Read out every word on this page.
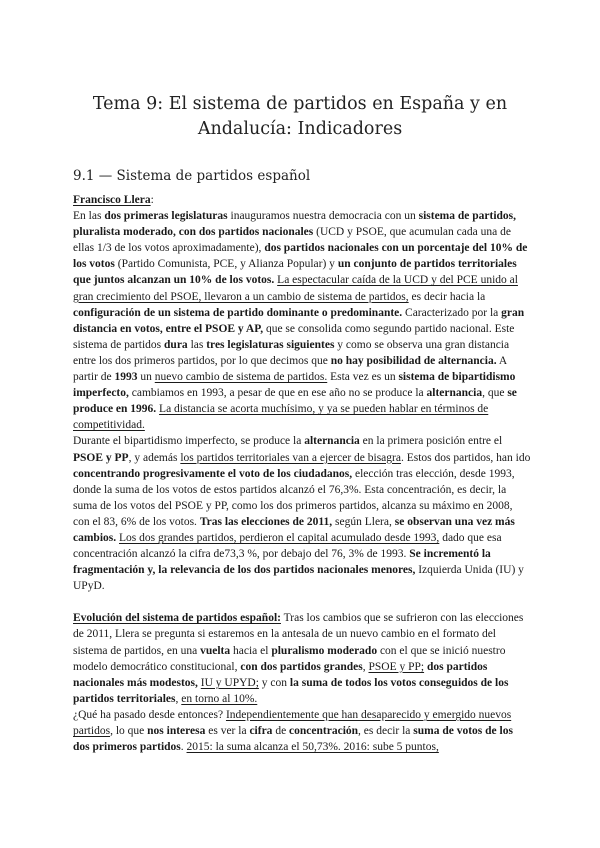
Tema 9: El sistema de partidos en España y en Andalucía: Indicadores
9.1 — Sistema de partidos español

Francisco Llera:

En las dos primeras legislaturas inauguramos nuestra democracia con un sistema de partidos, pluralista moderado, con dos partidos nacionales (UCD y PSOE, que acumulan cada una de ellas 1/3 de los votos aproximadamente), dos partidos nacionales con un porcentaje del 10% de los votos (Partido Comunista, PCE, y Alianza Popular) y un conjunto de partidos territoriales que juntos alcanzan un 10% de los votos. La espectacular caída de la UCD y del PCE unido al gran crecimiento del PSOE, llevaron a un cambio de sistema de partidos, es decir hacia la configuración de un sistema de partido dominante o predominante. Caracterizado por la gran distancia en votos, entre el PSOE y AP, que se consolida como segundo partido nacional. Este sistema de partidos dura las tres legislaturas siguientes y como se observa una gran distancia entre los dos primeros partidos, por lo que decimos que no hay posibilidad de alternancia. A partir de 1993 un nuevo cambio de sistema de partidos. Esta vez es un sistema de bipartidismo imperfecto, cambiamos en 1993, a pesar de que en ese año no se produce la alternancia, que se produce en 1996. La distancia se acorta muchísimo, y ya se pueden hablar en términos de competitividad.

Durante el bipartidismo imperfecto, se produce la alternancia en la primera posición entre el PSOE y PP, y además los partidos territoriales van a ejercer de bisagra. Estos dos partidos, han ido concentrando progresivamente el voto de los ciudadanos, elección tras elección, desde 1993, donde la suma de los votos de estos partidos alcanzó el 76,3%. Esta concentración, es decir, la suma de los votos del PSOE y PP, como los dos primeros partidos, alcanza su máximo en 2008, con el 83, 6% de los votos. Tras las elecciones de 2011, según Llera, se observan una vez más cambios. Los dos grandes partidos, perdieron el capital acumulado desde 1993, dado que esa concentración alcanzó la cifra de73,3 %, por debajo del 76, 3% de 1993. Se incrementó la fragmentación y, la relevancia de los dos partidos nacionales menores, Izquierda Unida (IU) y UPyD.

Evolución del sistema de partidos español: Tras los cambios que se sufrieron con las elecciones de 2011, Llera se pregunta si estaremos en la antesala de un nuevo cambio en el formato del sistema de partidos, en una vuelta hacia el pluralismo moderado con el que se inició nuestro modelo democrático constitucional, con dos partidos grandes, PSOE y PP; dos partidos nacionales más modestos, IU y UPYD; y con la suma de todos los votos conseguidos de los partidos territoriales, en torno al 10%.

¿Qué ha pasado desde entonces? Independientemente que han desaparecido y emergido nuevos partidos, lo que nos interesa es ver la cifra de concentración, es decir la suma de votos de los dos primeros partidos. 2015: la suma alcanza el 50,73%. 2016: sube 5 puntos,
